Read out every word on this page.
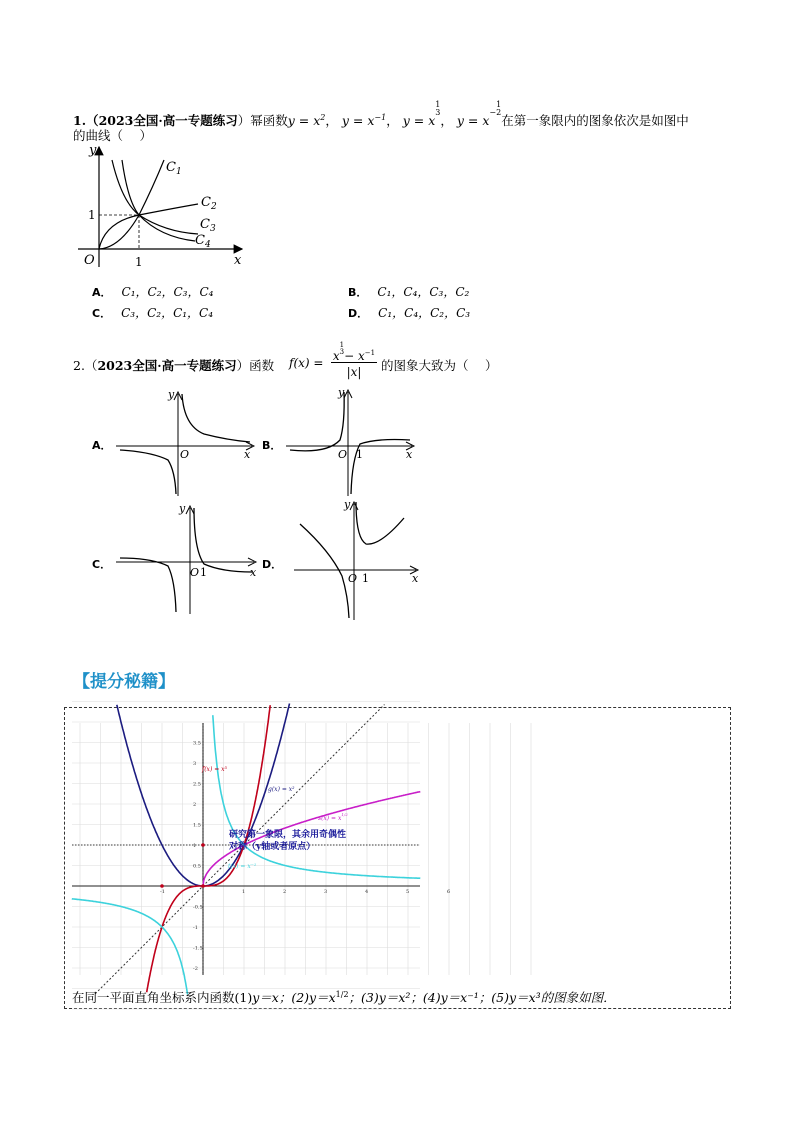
1.（2023全国·高一专题练习）幂函数$y = x^2$， $y = x^{-1}$， $y = x^{1 3}$， $y = x^{-1 2}$在第一象限内的图象依次是如图中
的曲线（　 ）
y
x
O
1
1
$C_1$
$C_2$
$C_3$
$C_4$
A． C₁，C₂，C₃，C₄	B． C₁，C₄，C₃，C₂
C． C₃，C₂，C₁，C₄	D． C₁，C₄，C₂，C₃
2.（2023全国·高一专题练习）函数 $f(x) = x^{1 3}- x^{-1}$
|x|	的图象大致为（　 ）
A．
y
x
O
B．
y
x
O 1
C．
y
x
O 1
D．
y
x
O 1
【提分秘籍】
3.5
3
2.5
2
1.5
1
0.5
-0.5
-1
-1.5
-2
-1	1	2	3	4	5	6
f(x) = x³
g(x) = x²
$s(x) = x^{1/2}$
t(x) = x⁻¹
研究第一象限，其余用奇偶性
对称（y轴或者原点）
在同一平面直角坐标系内函数(1)y＝x；$(2)y=x^{1/2}$；(3)y＝x²；(4)y＝x⁻¹；(5)y＝x³的图象如图．
